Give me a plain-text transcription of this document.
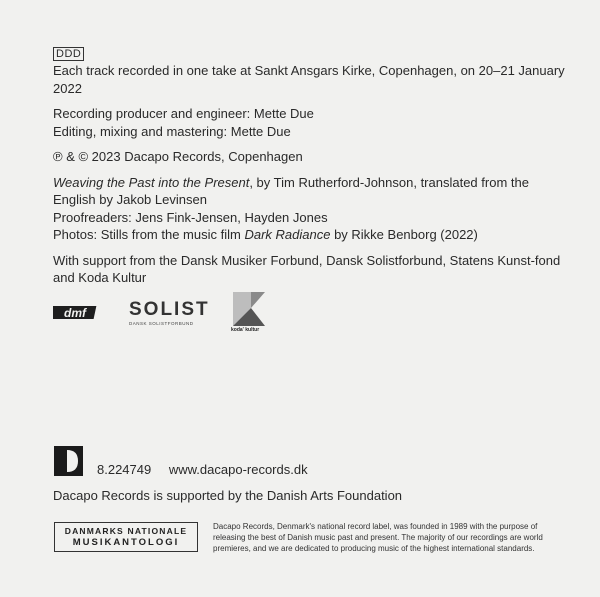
DDD

Each track recorded in one take at Sankt Ansgars Kirke, Copenhagen, on 20–21 January 2022

Recording producer and engineer: Mette Due

Editing, mixing and mastering: Mette Due

℗ & © 2023 Dacapo Records, Copenhagen

Weaving the Past into the Present, by Tim Rutherford-Johnson, translated from the English by Jakob Levinsen

Proofreaders: Jens Fink-Jensen, Hayden Jones

Photos: Stills from the music film Dark Radiance by Rikke Benborg (2022)

With support from the Dansk Musiker Forbund, Dansk Solistforbund, Statens Kunst-fond and Koda Kultur

dmf SOLIST
DANSK SOLISTFORBUND
koda' kultur
8.224749 www.dacapo-records.dk
Dacapo Records is supported by the Danish Arts Foundation
DANMARKS NATIONALE
MUSIKANTOLOGI
Dacapo Records, Denmark's national record label, was founded in 1989 with the purpose of releasing the best of Danish music past and present. The majority of our recordings are world premieres, and we are dedicated to producing music of the highest international standards.
